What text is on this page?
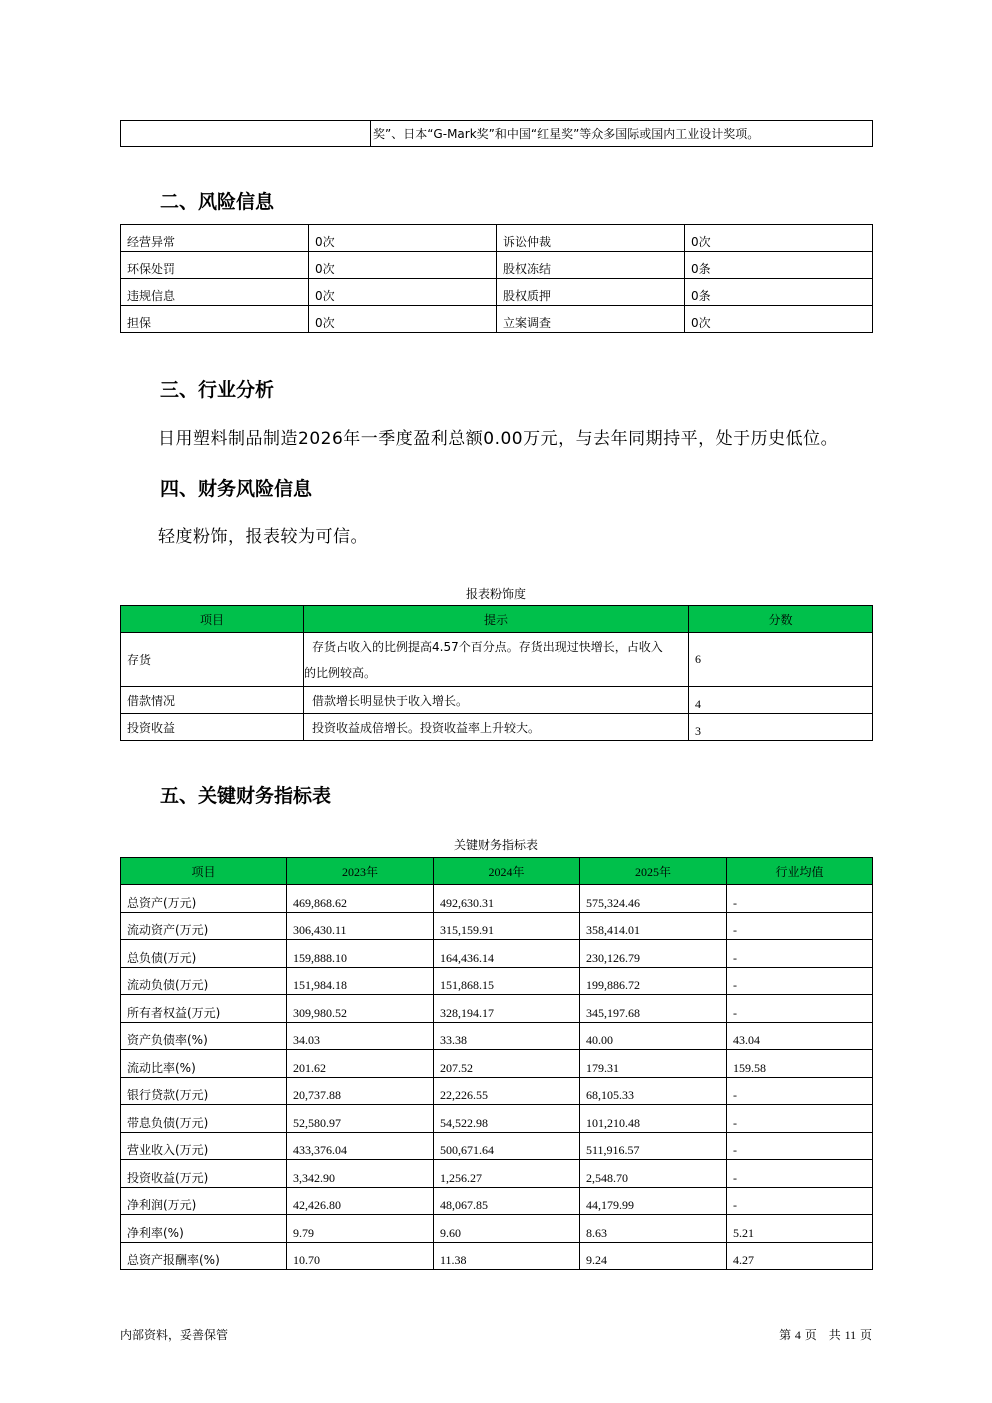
	奖”、日本“G-Mark奖”和中国“红星奖”等众多国际或国内工业设计奖项。
二、风险信息
经营异常	0次	诉讼仲裁	0次
环保处罚	0次	股权冻结	0条
违规信息	0次	股权质押	0条
担保	0次	立案调查	0次
三、行业分析
日用塑料制品制造2026年一季度盈利总额0.00万元，与去年同期持平，处于历史低位。
四、财务风险信息
轻度粉饰，报表较为可信。
报表粉饰度
项目	提示	分数
存货	存货占收入的比例提高4.57个百分点。存货出现过快增长，占收入
的比例较高。	6
借款情况	借款增长明显快于收入增长。	4
投资收益	投资收益成倍增长。投资收益率上升较大。	3
五、关键财务指标表
关键财务指标表
项目	2023年	2024年	2025年	行业均值
总资产(万元)	469,868.62	492,630.31	575,324.46	-
流动资产(万元)	306,430.11	315,159.91	358,414.01	-
总负债(万元)	159,888.10	164,436.14	230,126.79	-
流动负债(万元)	151,984.18	151,868.15	199,886.72	-
所有者权益(万元)	309,980.52	328,194.17	345,197.68	-
资产负债率(%)	34.03	33.38	40.00	43.04
流动比率(%)	201.62	207.52	179.31	159.58
银行贷款(万元)	20,737.88	22,226.55	68,105.33	-
带息负债(万元)	52,580.97	54,522.98	101,210.48	-
营业收入(万元)	433,376.04	500,671.64	511,916.57	-
投资收益(万元)	3,342.90	1,256.27	2,548.70	-
净利润(万元)	42,426.80	48,067.85	44,179.99	-
净利率(%)	9.79	9.60	8.63	5.21
总资产报酬率(%)	10.70	11.38	9.24	4.27
内部资料，妥善保管	第 4 页　共 11 页
